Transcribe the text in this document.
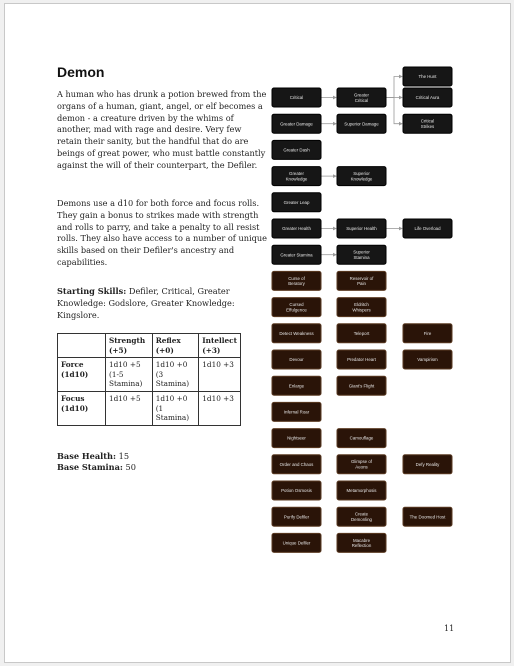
Demon

A human who has drunk a potion brewed from the organs of a human, giant, angel, or elf becomes a demon - a creature driven by the whims of another, mad with rage and desire. Very few retain their sanity, but the handful that do are beings of great power, who must battle constantly against the will of their counterpart, the Defiler.

Demons use a d10 for both force and focus rolls. They gain a bonus to strikes made with strength and rolls to parry, and take a penalty to all resist rolls. They also have access to a number of unique skills based on their Defiler's ancestry and capabilities.

Starting Skills: Defiler, Critical, Greater Knowledge: Godslore, Greater Knowledge: Kingslore.

	Strength (+5)	Reflex (+0)	Intellect (+3)
Force (1d10)	1d10 +5 (1-5 Stamina)	1d10 +0 (3 Stamina)	1d10 +3
Focus (1d10)	1d10 +5	1d10 +0 (1 Stamina)	1d10 +3
Base Health: 15
Base Stamina: 50
The Hunt
Critical
Greater Critical
Critical Aura
Greater Damage	Superior Damage
Critical Strikes
Greater Dash
Greater Knowledge
Superior Knowledge
Greater Leap
Greater Health	Superior Health	Life Overload
Greater Stamina
Superior Stamina
Curse of Beratory
Reservoir of Pain
Cursed Effulgence
Eldritch Whispers
Detect Weakness	Teleport	Fire
Devour	Predator Heart	Vampirism
Enlarge	Giant's Flight
Infernal Roar
Nightseer	Camouflage
Order and Chaos
Glimpse of Aeons
Defy Reality
Potion Osmosis	Metamorphosis
Purify Defiler
Create Demonling
The Doomed Host
Unique Defiler
Macabre Reflection
11
